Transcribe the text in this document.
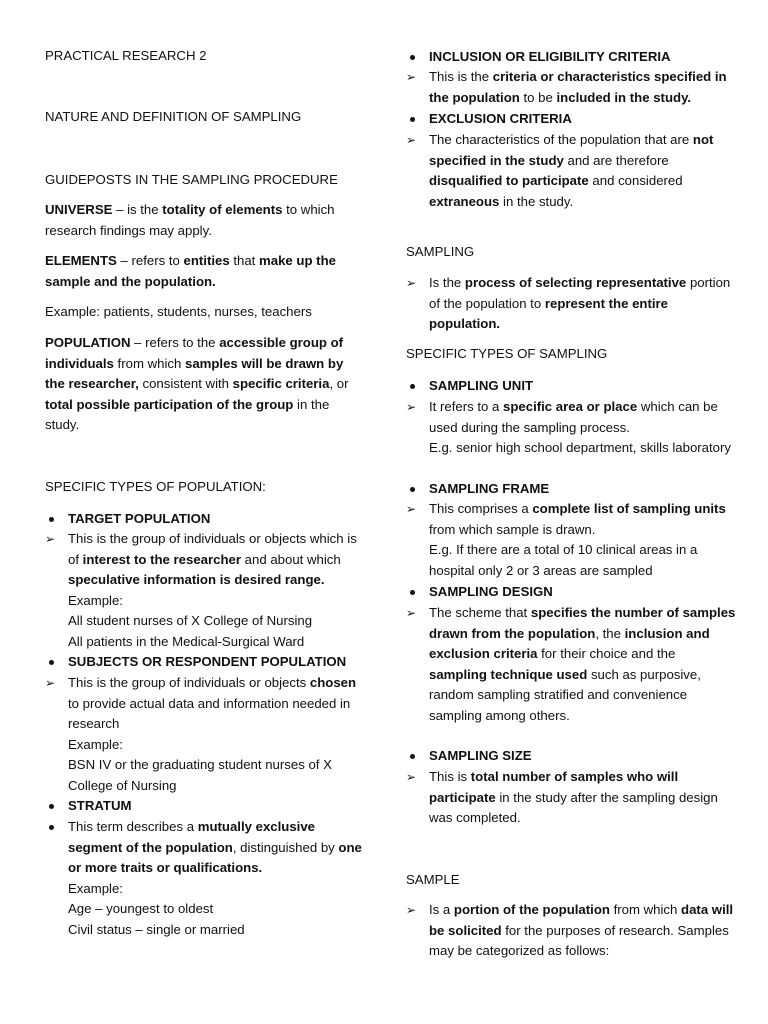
PRACTICAL RESEARCH 2
NATURE AND DEFINITION OF SAMPLING
GUIDEPOSTS IN THE SAMPLING PROCEDURE
UNIVERSE – is the totality of elements to which research findings may apply.
ELEMENTS – refers to entities that make up the sample and the population.
Example: patients, students, nurses, teachers
POPULATION – refers to the accessible group of individuals from which samples will be drawn by the researcher, consistent with specific criteria, or total possible participation of the group in the study.
SPECIFIC TYPES OF POPULATION:
TARGET POPULATION
➢ This is the group of individuals or objects which is of interest to the researcher and about which speculative information is desired range.
Example:
All student nurses of X College of Nursing
All patients in the Medical-Surgical Ward
SUBJECTS OR RESPONDENT POPULATION
➢ This is the group of individuals or objects chosen to provide actual data and information needed in research
Example:
BSN IV or the graduating student nurses of X College of Nursing
STRATUM
This term describes a mutually exclusive segment of the population, distinguished by one or more traits or qualifications.
Example:
Age – youngest to oldest
Civil status – single or married
INCLUSION OR ELIGIBILITY CRITERIA
➢ This is the criteria or characteristics specified in the population to be included in the study.
EXCLUSION CRITERIA
➢ The characteristics of the population that are not specified in the study and are therefore disqualified to participate and considered extraneous in the study.
SAMPLING
➢ Is the process of selecting representative portion of the population to represent the entire population.
SPECIFIC TYPES OF SAMPLING
SAMPLING UNIT
➢ It refers to a specific area or place which can be used during the sampling process.
E.g. senior high school department, skills laboratory
SAMPLING FRAME
➢ This comprises a complete list of sampling units from which sample is drawn.
E.g. If there are a total of 10 clinical areas in a hospital only 2 or 3 areas are sampled
SAMPLING DESIGN
➢ The scheme that specifies the number of samples drawn from the population, the inclusion and exclusion criteria for their choice and the sampling technique used such as purposive, random sampling stratified and convenience sampling among others.
SAMPLING SIZE
➢ This is total number of samples who will participate in the study after the sampling design was completed.
SAMPLE
➢ Is a portion of the population from which data will be solicited for the purposes of research. Samples may be categorized as follows:
